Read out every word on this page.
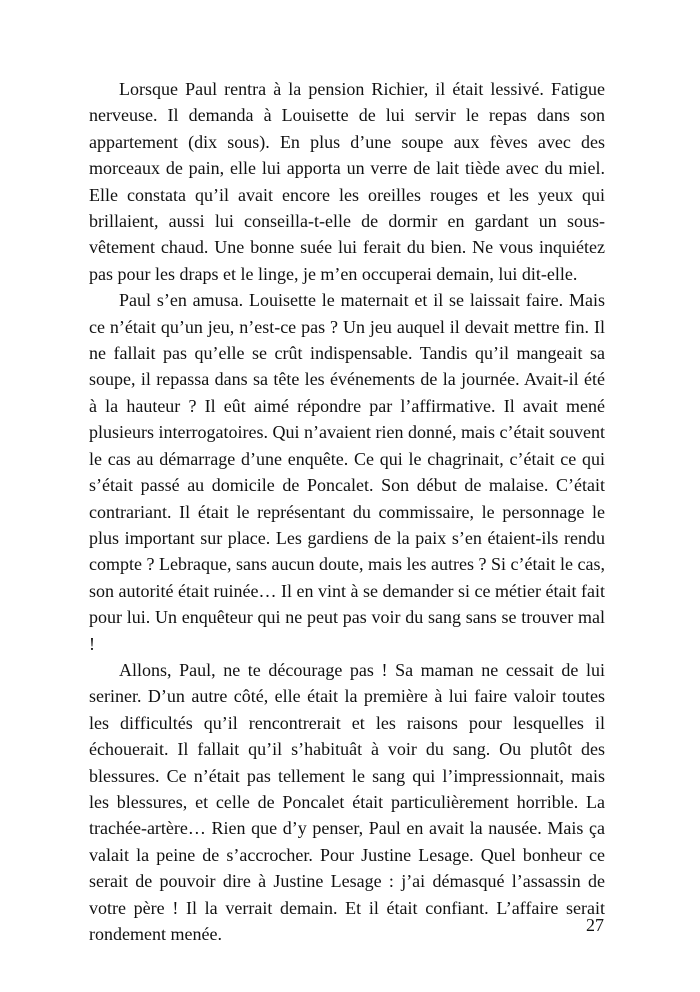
Lorsque Paul rentra à la pension Richier, il était lessivé. Fatigue nerveuse. Il demanda à Louisette de lui servir le repas dans son appartement (dix sous). En plus d’une soupe aux fèves avec des morceaux de pain, elle lui apporta un verre de lait tiède avec du miel. Elle constata qu’il avait encore les oreilles rouges et les yeux qui brillaient, aussi lui conseilla-t-elle de dormir en gardant un sous-vêtement chaud. Une bonne suée lui ferait du bien. Ne vous inquiétez pas pour les draps et le linge, je m’en occuperai demain, lui dit-elle.

Paul s’en amusa. Louisette le maternait et il se laissait faire. Mais ce n’était qu’un jeu, n’est-ce pas ? Un jeu auquel il devait mettre fin. Il ne fallait pas qu’elle se crût indispensable. Tandis qu’il mangeait sa soupe, il repassa dans sa tête les événements de la journée. Avait-il été à la hauteur ? Il eût aimé répondre par l’affirmative. Il avait mené plusieurs interrogatoires. Qui n’avaient rien donné, mais c’était souvent le cas au démarrage d’une enquête. Ce qui le chagrinait, c’était ce qui s’était passé au domicile de Poncalet. Son début de malaise. C’était contrariant. Il était le représentant du commissaire, le personnage le plus important sur place. Les gardiens de la paix s’en étaient-ils rendu compte ? Lebraque, sans aucun doute, mais les autres ? Si c’était le cas, son autorité était ruinée… Il en vint à se demander si ce métier était fait pour lui. Un enquêteur qui ne peut pas voir du sang sans se trouver mal !

Allons, Paul, ne te décourage pas ! Sa maman ne cessait de lui seriner. D’un autre côté, elle était la première à lui faire valoir toutes les difficultés qu’il rencontrerait et les raisons pour lesquelles il échouerait. Il fallait qu’il s’habituât à voir du sang. Ou plutôt des blessures. Ce n’était pas tellement le sang qui l’impressionnait, mais les blessures, et celle de Poncalet était particulièrement horrible. La trachée-artère… Rien que d’y penser, Paul en avait la nausée. Mais ça valait la peine de s’accrocher. Pour Justine Lesage. Quel bonheur ce serait de pouvoir dire à Justine Lesage : j’ai démasqué l’assassin de votre père ! Il la verrait demain. Et il était confiant. L’affaire serait rondement menée.	27
